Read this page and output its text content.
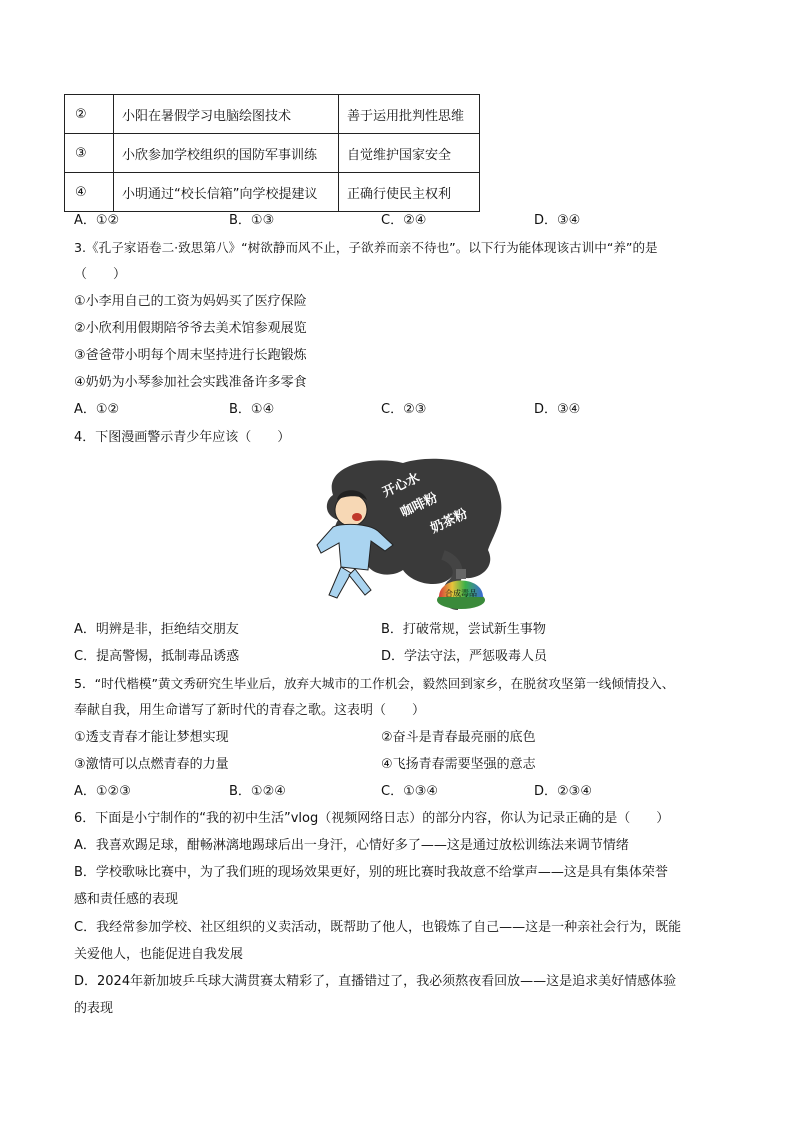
②	小阳在暑假学习电脑绘图技术	善于运用批判性思维
③	小欣参加学校组织的国防军事训练	自觉维护国家安全
④	小明通过“校长信箱”向学校提建议	正确行使民主权利
A．①②	B．①③	C．②④	D．③④
3.《孔子家语卷二·致思第八》“树欲静而风不止，子欲养而亲不待也”。以下行为能体现该古训中“养”的是
（　　）
①小李用自己的工资为妈妈买了医疗保险
②小欣利用假期陪爷爷去美术馆参观展览
③爸爸带小明每个周末坚持进行长跑锻炼
④奶奶为小琴参加社会实践准备许多零食
A．①②	B．①④	C．②③	D．③④
4．下图漫画警示青少年应该（　　）
开心水
咖啡粉
奶茶粉
合成毒品
A．明辨是非，拒绝结交朋友	B．打破常规，尝试新生事物
C．提高警惕，抵制毒品诱惑	D．学法守法，严惩吸毒人员
5．“时代楷模”黄文秀研究生毕业后，放弃大城市的工作机会，毅然回到家乡，在脱贫攻坚第一线倾情投入、
奉献自我，用生命谱写了新时代的青春之歌。这表明（　　）
①透支青春才能让梦想实现	②奋斗是青春最亮丽的底色
③激情可以点燃青春的力量	④飞扬青春需要坚强的意志
A．①②③	B．①②④	C．①③④	D．②③④
6．下面是小宁制作的“我的初中生活”vlog（视频网络日志）的部分内容，你认为记录正确的是（　　）
A．我喜欢踢足球，酣畅淋漓地踢球后出一身汗，心情好多了——这是通过放松训练法来调节情绪
B．学校歌咏比赛中，为了我们班的现场效果更好，别的班比赛时我故意不给掌声——这是具有集体荣誉
感和责任感的表现
C．我经常参加学校、社区组织的义卖活动，既帮助了他人，也锻炼了自己——这是一种亲社会行为，既能
关爱他人，也能促进自我发展
D．2024年新加坡乒乓球大满贯赛太精彩了，直播错过了，我必须熬夜看回放——这是追求美好情感体验
的表现
